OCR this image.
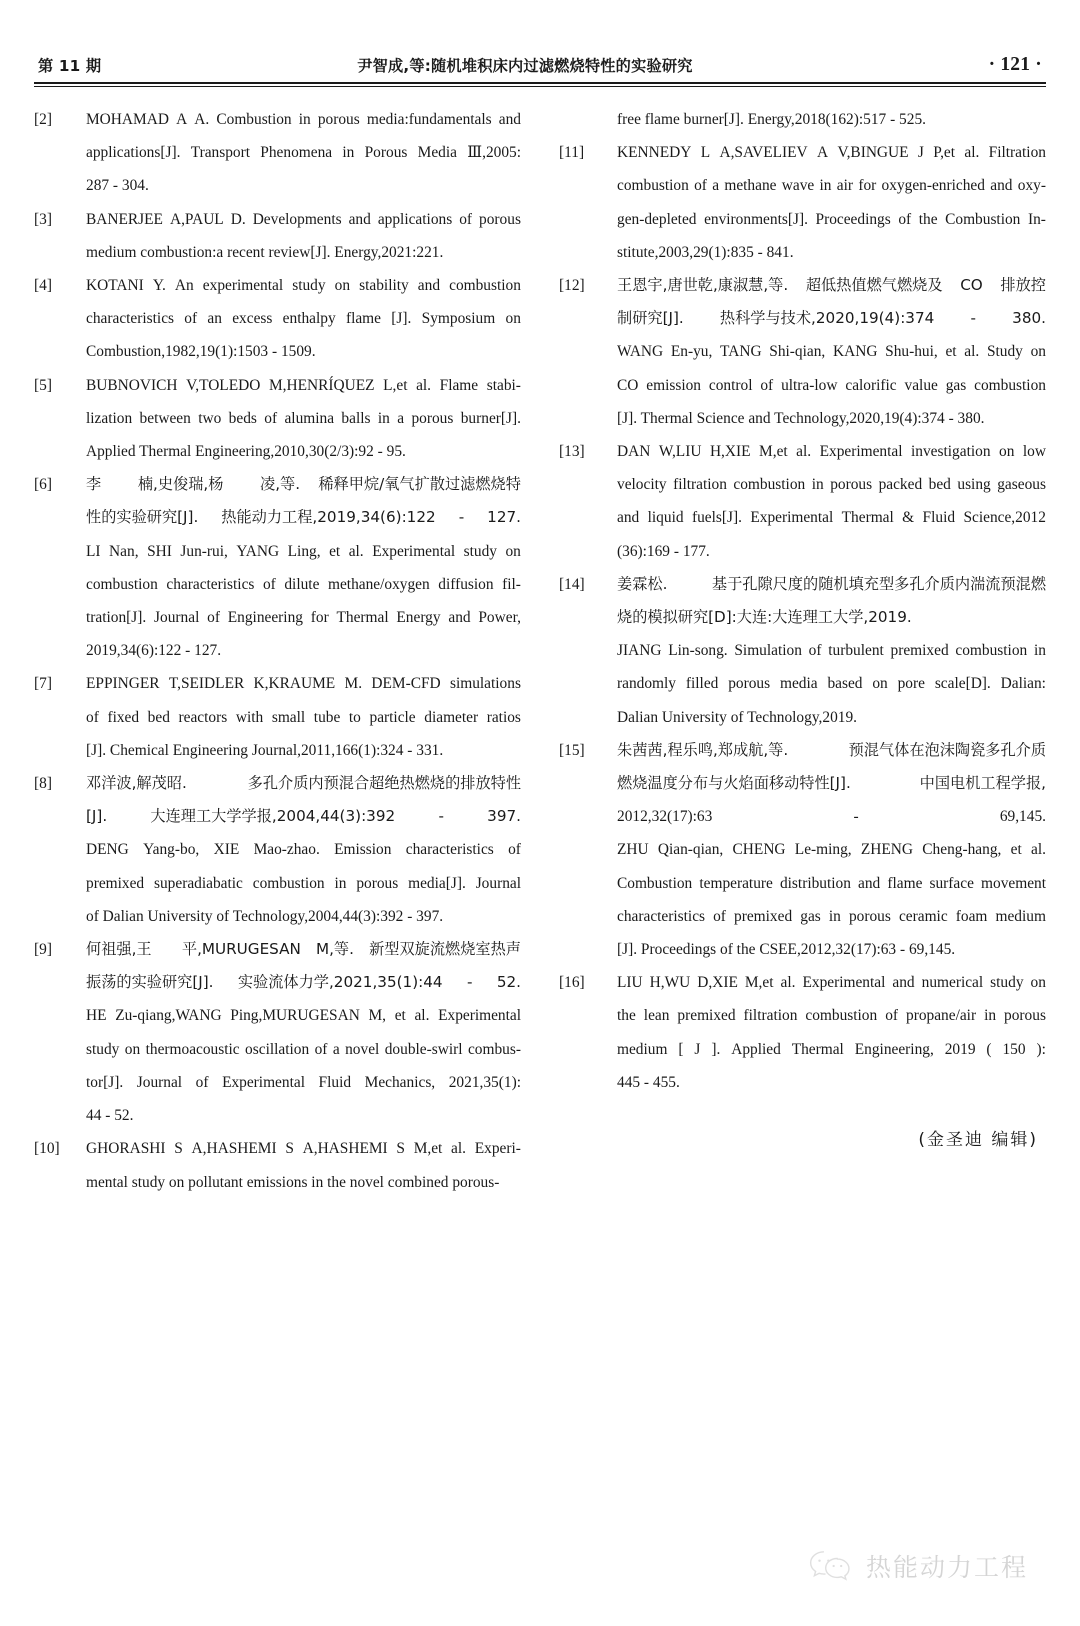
第 11 期	尹智成,等:随机堆积床内过滤燃烧特性的实验研究	· 121 ·
[2]	MOHAMAD A A. Combustion in porous media:fundamentals and
applications[J]. Transport Phenomena in Porous Media Ⅲ,2005:
287 - 304.
[3]	BANERJEE A,PAUL D. Developments and applications of porous
medium combustion:a recent review[J]. Energy,2021:221.
[4]	KOTANI Y. An experimental study on stability and combustion
characteristics of an excess enthalpy flame [J]. Symposium on
Combustion,1982,19(1):1503 - 1509.
[5]	BUBNOVICH V,TOLEDO M,HENRÍQUEZ L,et al. Flame stabi-
lization between two beds of alumina balls in a porous burner[J].
Applied Thermal Engineering,2010,30(2/3):92 - 95.
[6]	李 楠,史俊瑞,杨 凌,等. 稀释甲烷/氧气扩散过滤燃烧特
性的实验研究[J]. 热能动力工程,2019,34(6):122 - 127.
LI Nan, SHI Jun-rui, YANG Ling, et al. Experimental study on
combustion characteristics of dilute methane/oxygen diffusion fil-
tration[J]. Journal of Engineering for Thermal Energy and Power,
2019,34(6):122 - 127.
[7]	EPPINGER T,SEIDLER K,KRAUME M. DEM-CFD simulations
of fixed bed reactors with small tube to particle diameter ratios
[J]. Chemical Engineering Journal,2011,166(1):324 - 331.
[8]	邓洋波,解茂昭.	多孔介质内预混合超绝热燃烧的排放特性
[J].	大连理工大学学报,2004,44(3):392	-	397.
DENG Yang-bo, XIE Mao-zhao. Emission characteristics of
premixed superadiabatic combustion in porous media[J]. Journal
of Dalian University of Technology,2004,44(3):392 - 397.
[9]	何祖强,王 平,MURUGESAN M,等. 新型双旋流燃烧室热声
振荡的实验研究[J]. 实验流体力学,2021,35(1):44 - 52.
HE Zu-qiang,WANG Ping,MURUGESAN M, et al. Experimental
study on thermoacoustic oscillation of a novel double-swirl combus-
tor[J]. Journal of Experimental Fluid Mechanics, 2021,35(1):
44 - 52.
[10]	GHORASHI S A,HASHEMI S A,HASHEMI S M,et al. Experi-
mental study on pollutant emissions in the novel combined porous-

free flame burner[J]. Energy,2018(162):517 - 525.
[11]	KENNEDY L A,SAVELIEV A V,BINGUE J P,et al. Filtration
combustion of a methane wave in air for oxygen-enriched and oxy-
gen-depleted environments[J]. Proceedings of the Combustion In-
stitute,2003,29(1):835 - 841.
[12]	王恩宇,唐世乾,康淑慧,等. 超低热值燃气燃烧及 CO 排放控
制研究[J]. 热科学与技术,2020,19(4):374 - 380.
WANG En-yu, TANG Shi-qian, KANG Shu-hui, et al. Study on
CO emission control of ultra-low calorific value gas combustion
[J]. Thermal Science and Technology,2020,19(4):374 - 380.
[13]	DAN W,LIU H,XIE M,et al. Experimental investigation on low
velocity filtration combustion in porous packed bed using gaseous
and liquid fuels[J]. Experimental Thermal & Fluid Science,2012
(36):169 - 177.
[14]	姜霖松.	基于孔隙尺度的随机填充型多孔介质内湍流预混燃
烧的模拟研究[D]:大连:大连理工大学,2019.
JIANG Lin-song. Simulation of turbulent premixed combustion in
randomly filled porous media based on pore scale[D]. Dalian:
Dalian University of Technology,2019.
[15]	朱茜茜,程乐鸣,郑成航,等.	预混气体在泡沫陶瓷多孔介质
燃烧温度分布与火焰面移动特性[J].	中国电机工程学报,
2012,32(17):63	-	69,145.
ZHU Qian-qian, CHENG Le-ming, ZHENG Cheng-hang, et al.
Combustion temperature distribution and flame surface movement
characteristics of premixed gas in porous ceramic foam medium
[J]. Proceedings of the CSEE,2012,32(17):63 - 69,145.
[16]	LIU H,WU D,XIE M,et al. Experimental and numerical study on
the lean premixed filtration combustion of propane/air in porous
medium [ J ]. Applied Thermal Engineering, 2019 ( 150 ):
445 - 455.
(金圣迪 编辑)
热能动力工程
